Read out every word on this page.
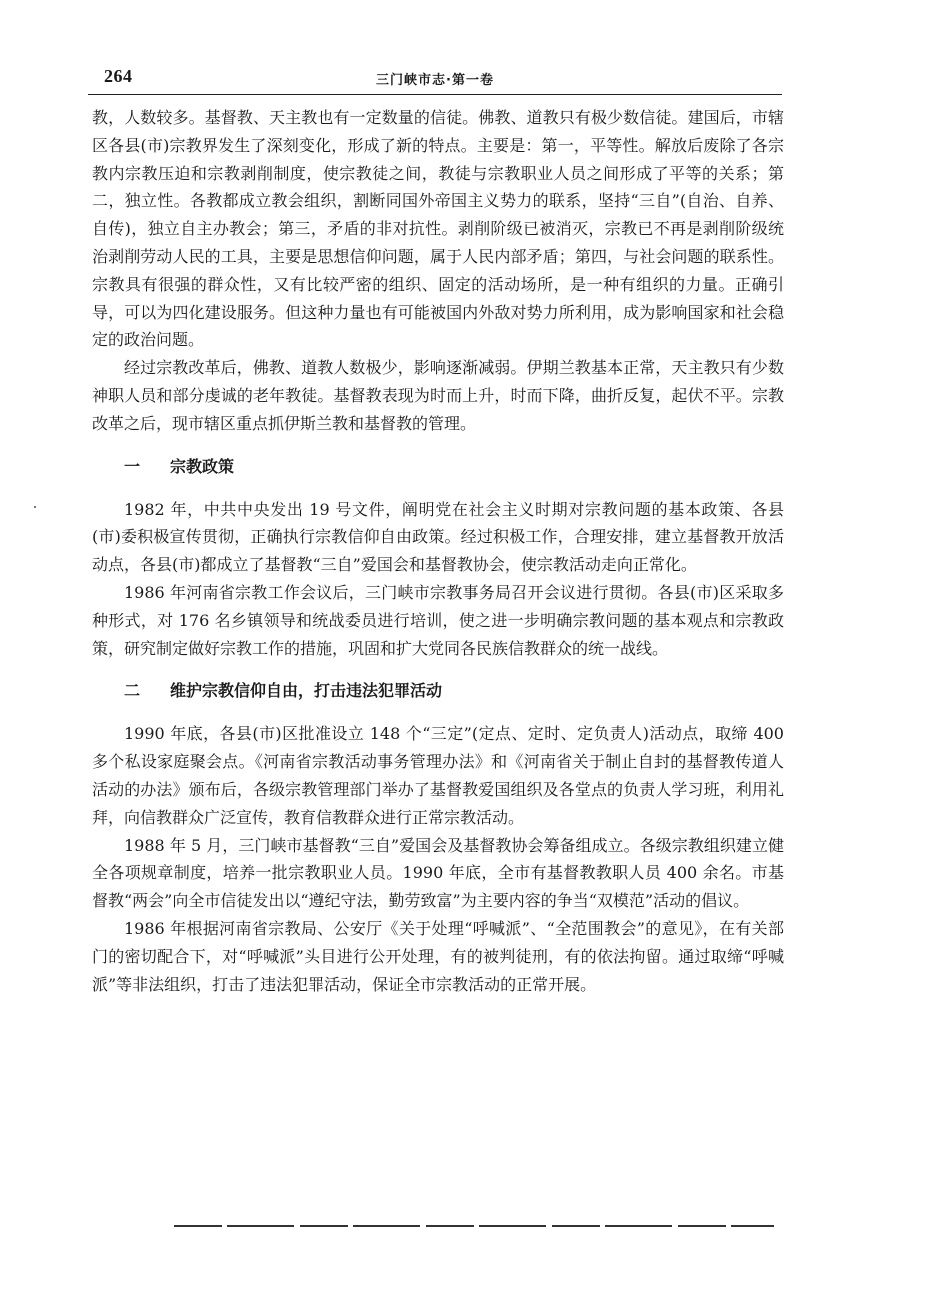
264	三门峡市志·第一卷

教，人数较多。基督教、天主教也有一定数量的信徒。佛教、道教只有极少数信徒。建国后，市辖区各县(市)宗教界发生了深刻变化，形成了新的特点。主要是：第一，平等性。解放后废除了各宗教内宗教压迫和宗教剥削制度，使宗教徒之间，教徒与宗教职业人员之间形成了平等的关系；第二，独立性。各教都成立教会组织，割断同国外帝国主义势力的联系，坚持“三自”(自治、自养、自传)，独立自主办教会；第三，矛盾的非对抗性。剥削阶级已被消灭，宗教已不再是剥削阶级统治剥削劳动人民的工具，主要是思想信仰问题，属于人民内部矛盾；第四，与社会问题的联系性。宗教具有很强的群众性，又有比较严密的组织、固定的活动场所，是一种有组织的力量。正确引导，可以为四化建设服务。但这种力量也有可能被国内外敌对势力所利用，成为影响国家和社会稳定的政治问题。

经过宗教改革后，佛教、道教人数极少，影响逐渐减弱。伊期兰教基本正常，天主教只有少数神职人员和部分虔诚的老年教徒。基督教表现为时而上升，时而下降，曲折反复，起伏不平。宗教改革之后，现市辖区重点抓伊斯兰教和基督教的管理。

一 宗教政策

1982 年，中共中央发出 19 号文件，阐明党在社会主义时期对宗教问题的基本政策、各县(市)委积极宣传贯彻，正确执行宗教信仰自由政策。经过积极工作，合理安排，建立基督教开放活动点，各县(市)都成立了基督教“三自”爱国会和基督教协会，使宗教活动走向正常化。

1986 年河南省宗教工作会议后，三门峡市宗教事务局召开会议进行贯彻。各县(市)区采取多种形式，对 176 名乡镇领导和统战委员进行培训，使之进一步明确宗教问题的基本观点和宗教政策，研究制定做好宗教工作的措施，巩固和扩大党同各民族信教群众的统一战线。

二 维护宗教信仰自由，打击违法犯罪活动

1990 年底，各县(市)区批准设立 148 个“三定”(定点、定时、定负责人)活动点，取缔 400 多个私设家庭聚会点。《河南省宗教活动事务管理办法》和《河南省关于制止自封的基督教传道人活动的办法》颁布后，各级宗教管理部门举办了基督教爱国组织及各堂点的负责人学习班，利用礼拜，向信教群众广泛宣传，教育信教群众进行正常宗教活动。

1988 年 5 月，三门峡市基督教“三自”爱国会及基督教协会筹备组成立。各级宗教组织建立健全各项规章制度，培养一批宗教职业人员。1990 年底，全市有基督教教职人员 400 余名。市基督教“两会”向全市信徒发出以“遵纪守法，勤劳致富”为主要内容的争当“双模范”活动的倡议。

1986 年根据河南省宗教局、公安厅《关于处理“呼喊派”、“全范围教会”的意见》，在有关部门的密切配合下，对“呼喊派”头目进行公开处理，有的被判徒刑，有的依法拘留。通过取缔“呼喊派”等非法组织，打击了违法犯罪活动，保证全市宗教活动的正常开展。
